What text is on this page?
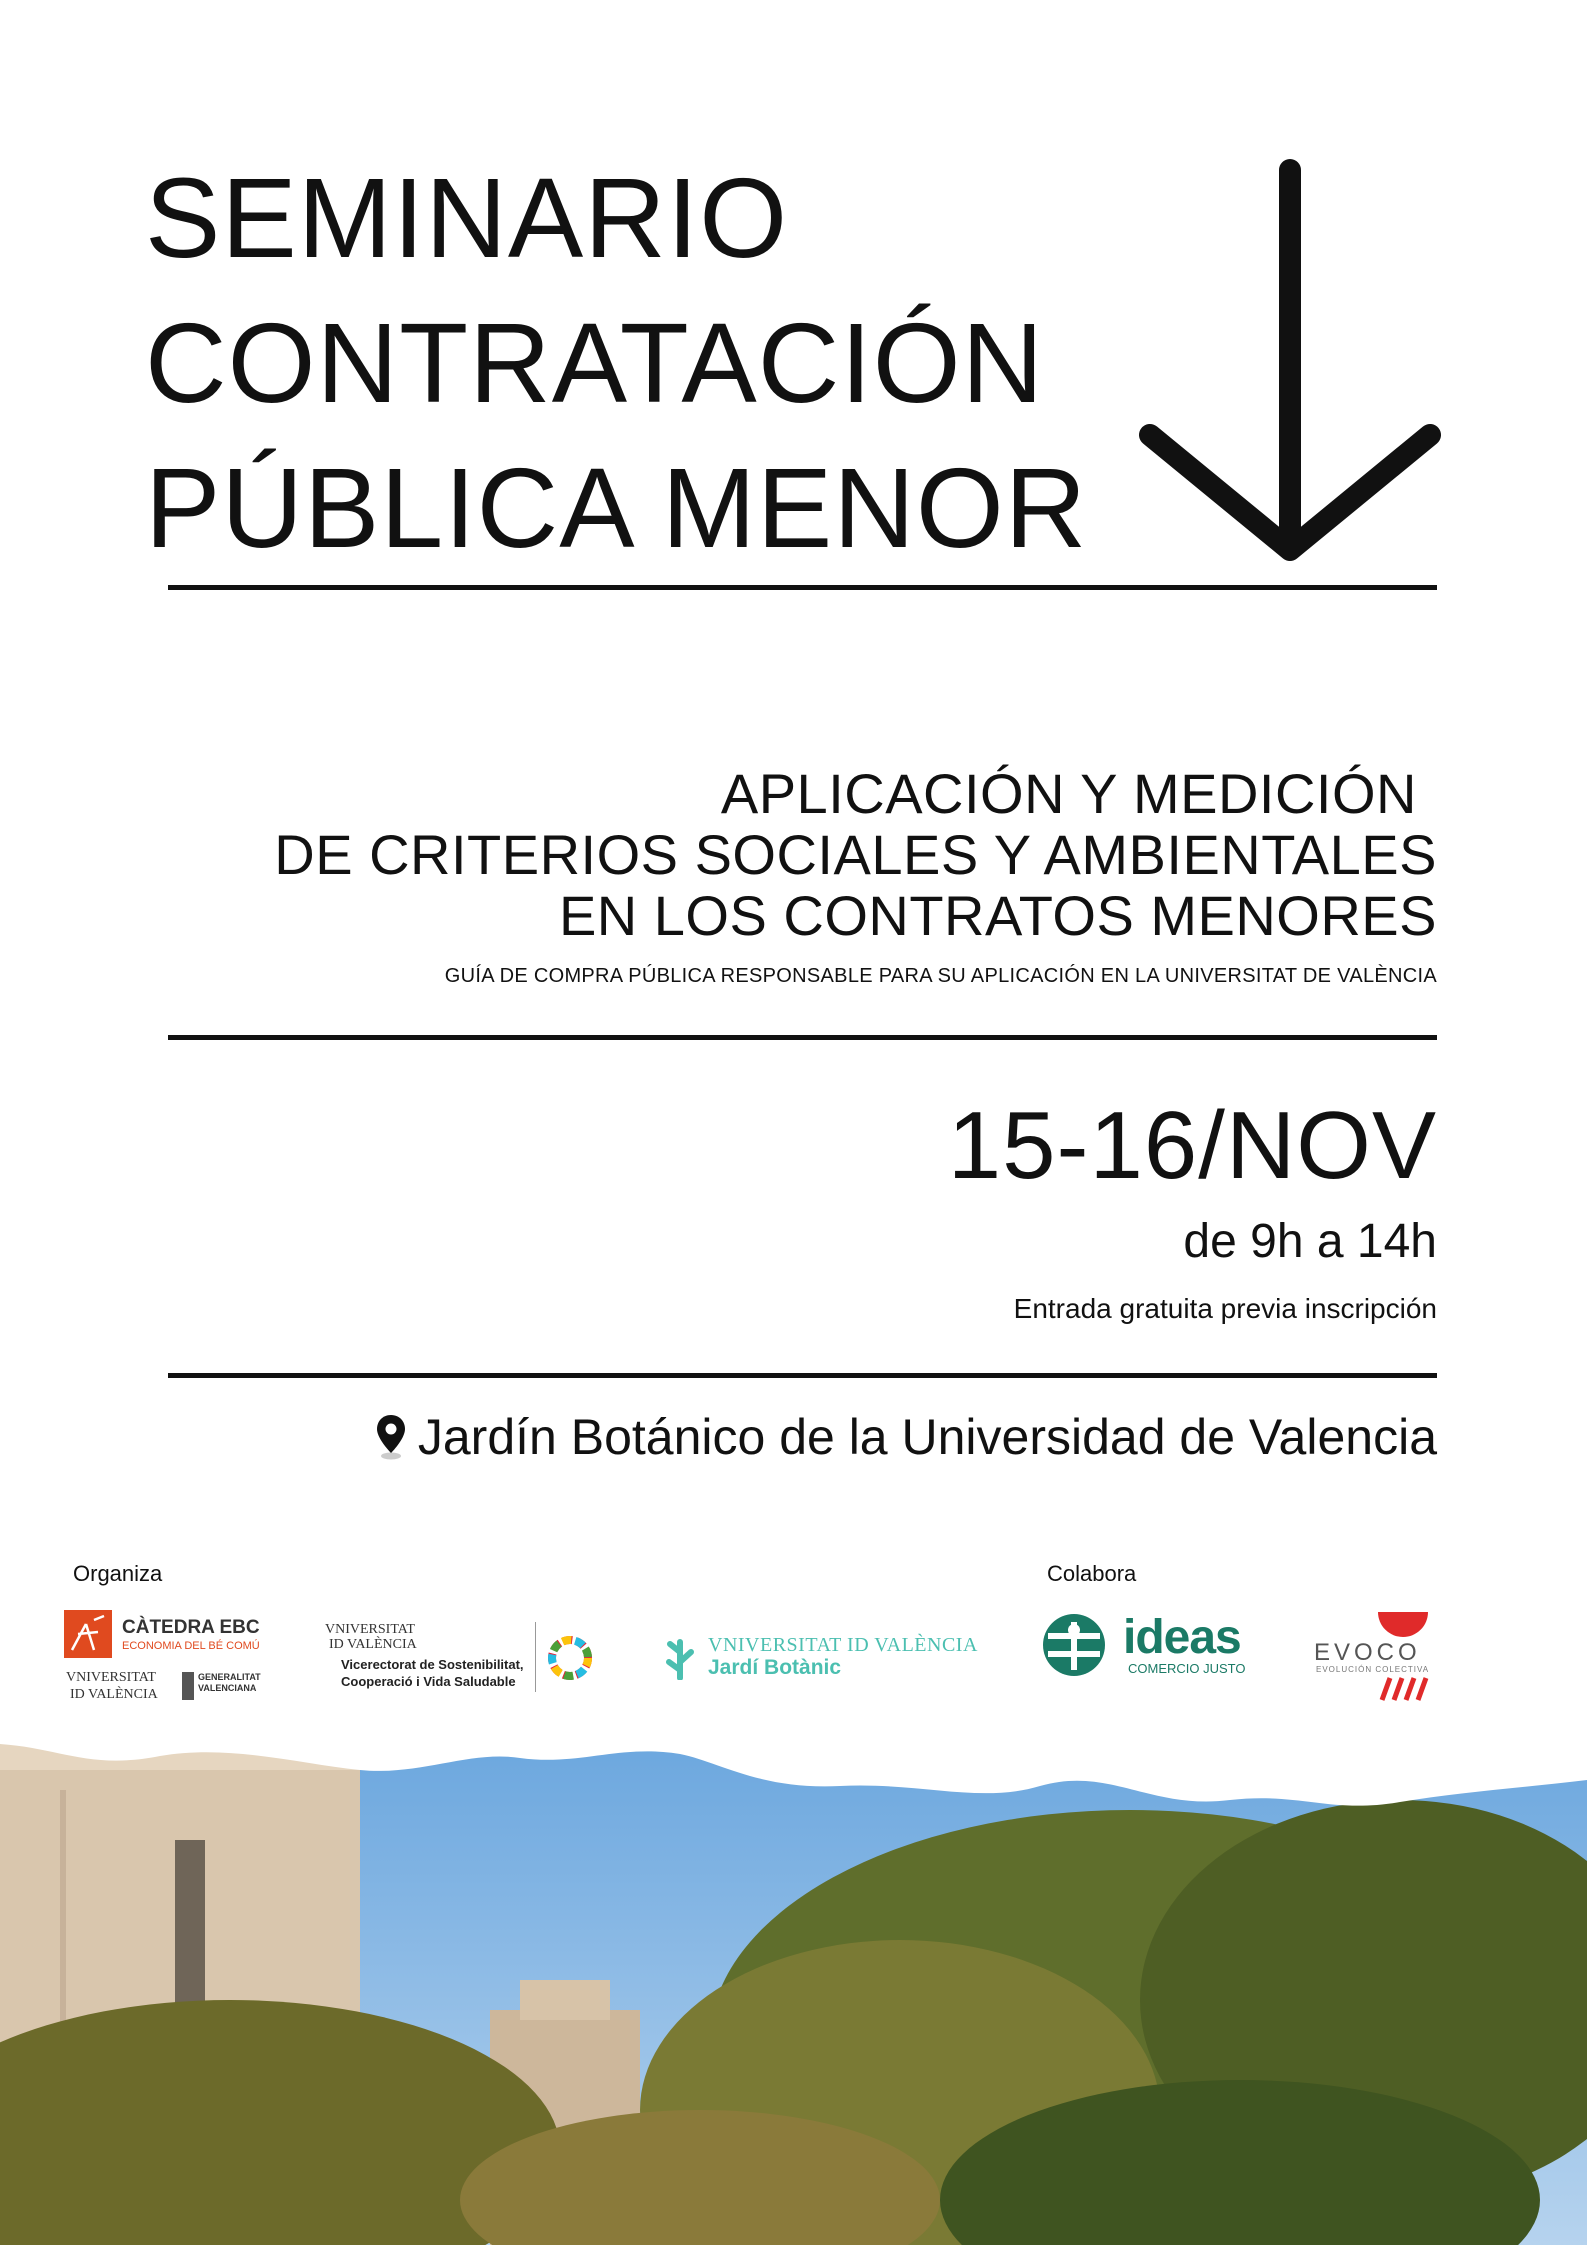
SEMINARIO
CONTRATACIÓN
PÚBLICA MENOR
APLICACIÓN Y MEDICIÓN
DE CRITERIOS SOCIALES Y AMBIENTALES
EN LOS CONTRATOS MENORES
GUÍA DE COMPRA PÚBLICA RESPONSABLE PARA SU APLICACIÓN EN LA UNIVERSITAT DE VALÈNCIA
15-16/NOV
de 9h a 14h
Entrada gratuita previa inscripción
Jardín Botánico de la Universidad de Valencia
Organiza	Colabora
CÀTEDRA EBC
ECONOMIA DEL BÉ COMÚ
VNIVERSITAT
ID VALÈNCIA
GENERALITAT
VALENCIANA
VNIVERSITAT
ID VALÈNCIA
Vicerectorat de Sostenibilitat,
Cooperació i Vida Saludable
VNIVERSITAT ID VALÈNCIA
Jardí Botànic
ideas
COMERCIO JUSTO
EVOCO
EVOLUCIÓN COLECTIVA
